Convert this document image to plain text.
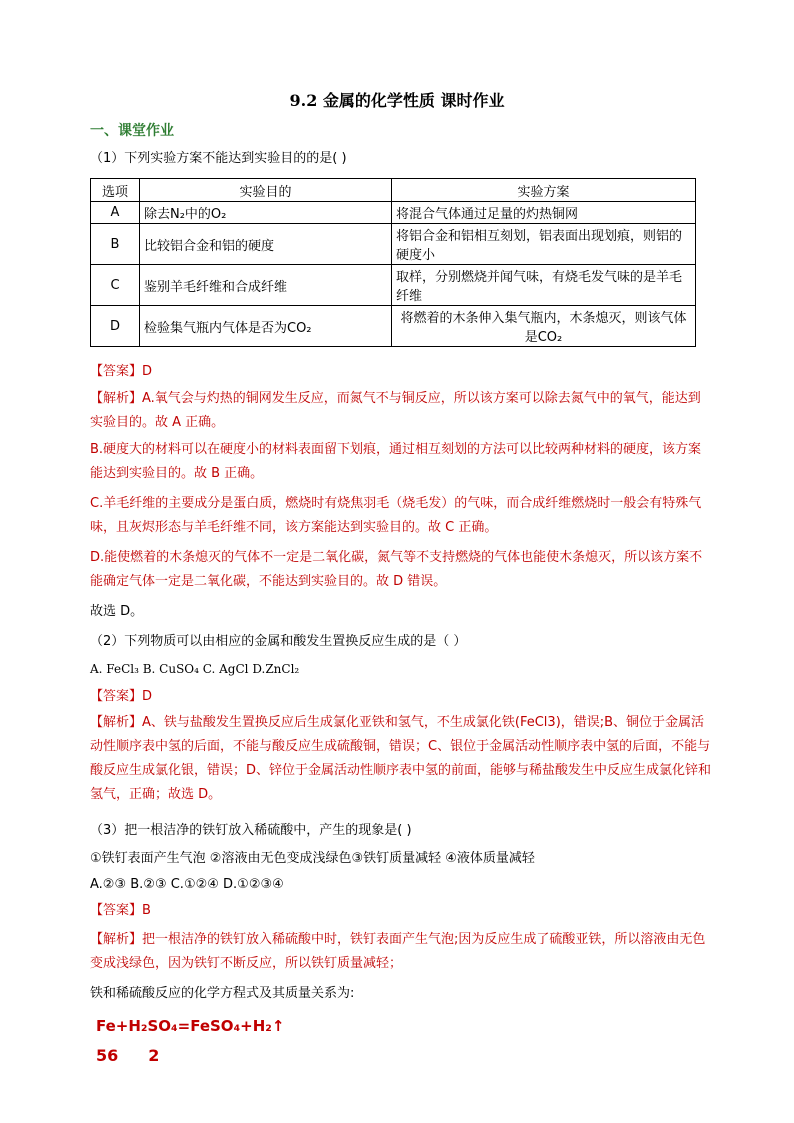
9.2 金属的化学性质 课时作业
一、课堂作业
（1）下列实验方案不能达到实验目的的是( )
选项	实验目的	实验方案
A	除去N₂中的O₂	将混合气体通过足量的灼热铜网
B	比较铝合金和铝的硬度	将铝合金和铝相互刻划，铝表面出现划痕，则铝的硬度小
C	鉴别羊毛纤维和合成纤维	取样，分别燃烧并闻气味，有烧毛发气味的是羊毛纤维
D	检验集气瓶内气体是否为CO₂	将燃着的木条伸入集气瓶内，木条熄灭，则该气体是CO₂
【答案】D
【解析】A.氧气会与灼热的铜网发生反应，而氮气不与铜反应，所以该方案可以除去氮气中的氧气，能达到实验目的。故 A 正确。
B.硬度大的材料可以在硬度小的材料表面留下划痕，通过相互刻划的方法可以比较两种材料的硬度，该方案能达到实验目的。故 B 正确。
C.羊毛纤维的主要成分是蛋白质，燃烧时有烧焦羽毛（烧毛发）的气味，而合成纤维燃烧时一般会有特殊气味，且灰烬形态与羊毛纤维不同，该方案能达到实验目的。故 C 正确。
D.能使燃着的木条熄灭的气体不一定是二氧化碳，氮气等不支持燃烧的气体也能使木条熄灭，所以该方案不能确定气体一定是二氧化碳，不能达到实验目的。故 D 错误。
故选 D。
（2）下列物质可以由相应的金属和酸发生置换反应生成的是（ ）
A. FeCl₃ B. CuSO₄ C. AgCl D.ZnCl₂
【答案】D
【解析】A、铁与盐酸发生置换反应后生成氯化亚铁和氢气，不生成氯化铁(FeCl3)，错误;B、铜位于金属活动性顺序表中氢的后面，不能与酸反应生成硫酸铜，错误；C、银位于金属活动性顺序表中氢的后面，不能与酸反应生成氯化银，错误；D、锌位于金属活动性顺序表中氢的前面，能够与稀盐酸发生中反应生成氯化锌和氢气，正确；故选 D。
（3）把一根洁净的铁钉放入稀硫酸中，产生的现象是( )
①铁钉表面产生气泡 ②溶液由无色变成浅绿色③铁钉质量减轻 ④液体质量减轻
A.②③ B.②③ C.①②④ D.①②③④
【答案】B
【解析】把一根洁净的铁钉放入稀硫酸中时，铁钉表面产生气泡;因为反应生成了硫酸亚铁，所以溶液由无色变成浅绿色，因为铁钉不断反应，所以铁钉质量减轻；
铁和稀硫酸反应的化学方程式及其质量关系为:
Fe+H₂SO₄=FeSO₄+H₂↑
56 2
